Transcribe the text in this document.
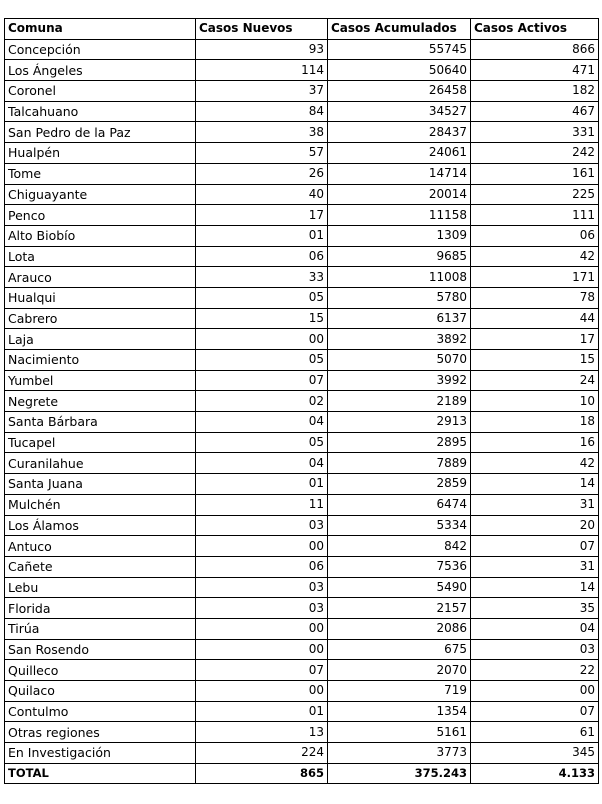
Comuna	Casos Nuevos	Casos Acumulados	Casos Activos
Concepción	93	55745	866
Los Ángeles	114	50640	471
Coronel	37	26458	182
Talcahuano	84	34527	467
San Pedro de la Paz	38	28437	331
Hualpén	57	24061	242
Tome	26	14714	161
Chiguayante	40	20014	225
Penco	17	11158	111
Alto Biobío	01	1309	06
Lota	06	9685	42
Arauco	33	11008	171
Hualqui	05	5780	78
Cabrero	15	6137	44
Laja	00	3892	17
Nacimiento	05	5070	15
Yumbel	07	3992	24
Negrete	02	2189	10
Santa Bárbara	04	2913	18
Tucapel	05	2895	16
Curanilahue	04	7889	42
Santa Juana	01	2859	14
Mulchén	11	6474	31
Los Álamos	03	5334	20
Antuco	00	842	07
Cañete	06	7536	31
Lebu	03	5490	14
Florida	03	2157	35
Tirúa	00	2086	04
San Rosendo	00	675	03
Quilleco	07	2070	22
Quilaco	00	719	00
Contulmo	01	1354	07
Otras regiones	13	5161	61
En Investigación	224	3773	345
TOTAL	865	375.243	4.133
